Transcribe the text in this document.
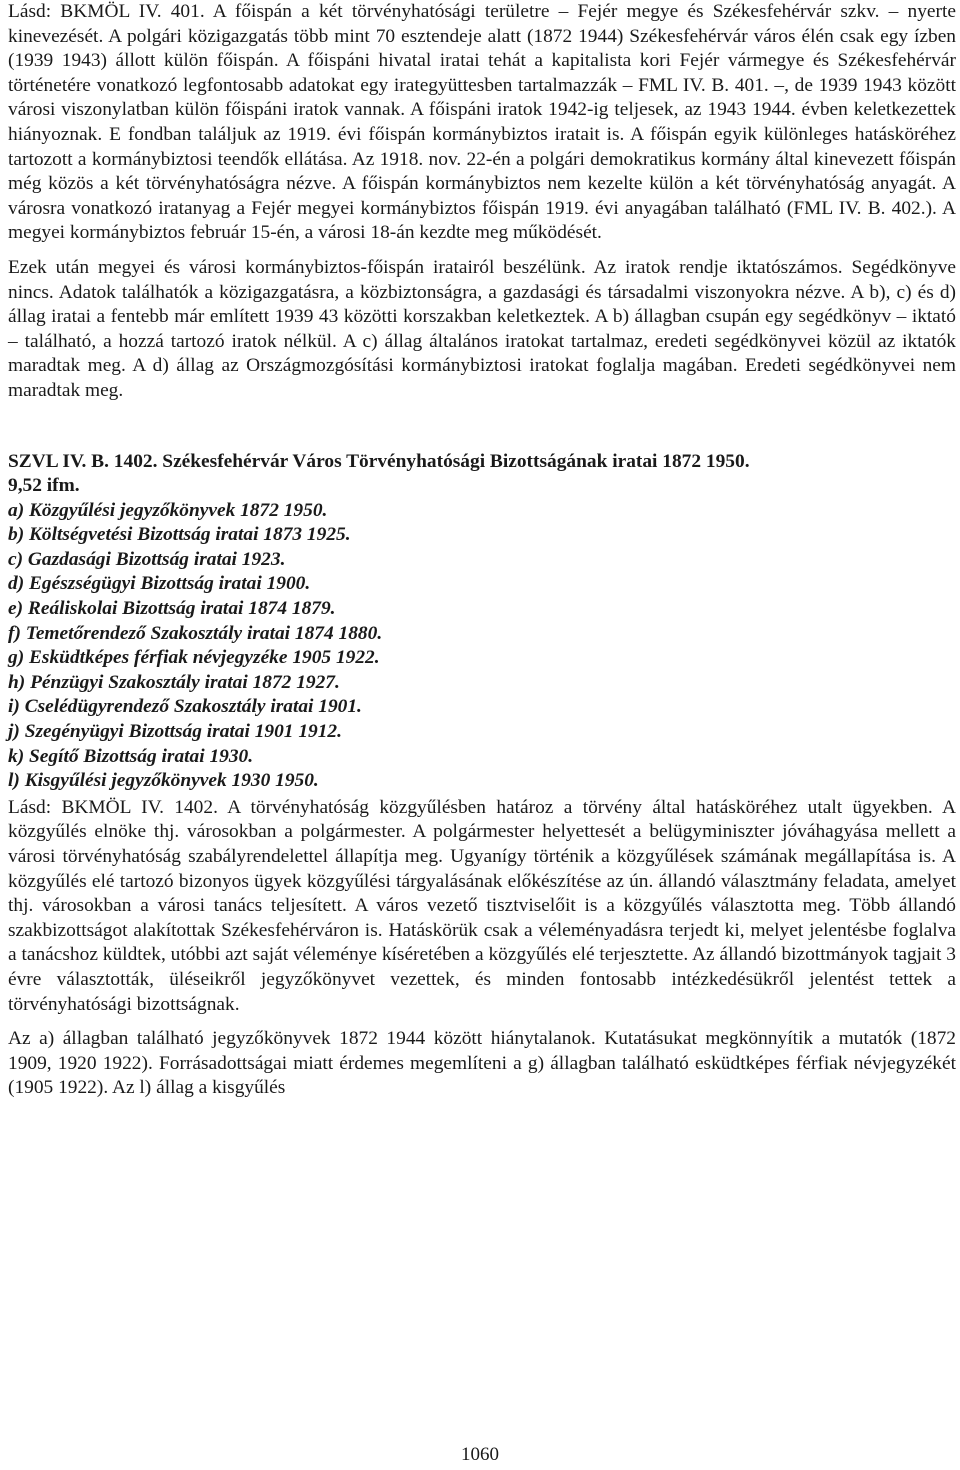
Lásd: BKMÖL IV. 401. A főispán a két törvényhatósági területre – Fejér megye és Székesfehérvár szkv. – nyerte kinevezését. A polgári közigazgatás több mint 70 esztendeje alatt (1872 1944) Székesfehérvár város élén csak egy ízben (1939 1943) állott külön főispán. A főispáni hivatal iratai tehát a kapitalista kori Fejér vármegye és Székesfehérvár történetére vonatkozó legfontosabb adatokat egy irategyüttesben tartalmazzák – FML IV. B. 401. –, de 1939 1943 között városi viszonylatban külön főispáni iratok vannak. A főispáni iratok 1942-ig teljesek, az 1943 1944. évben keletkezettek hiányoznak. E fondban találjuk az 1919. évi főispán kormánybiztos iratait is. A főispán egyik különleges hatásköréhez tartozott a kormánybiztosi teendők ellátása. Az 1918. nov. 22-én a polgári demokratikus kormány által kinevezett főispán még közös a két törvényhatóságra nézve. A főispán kormánybiztos nem kezelte külön a két törvényhatóság anyagát. A városra vonatkozó iratanyag a Fejér megyei kormánybiztos főispán 1919. évi anyagában található (FML IV. B. 402.). A megyei kormánybiztos február 15-én, a városi 18-án kezdte meg működését.

Ezek után megyei és városi kormánybiztos-főispán iratairól beszélünk. Az iratok rendje iktatószámos. Segédkönyve nincs. Adatok találhatók a közigazgatásra, a közbiztonságra, a gazdasági és társadalmi viszonyokra nézve. A b), c) és d) állag iratai a fentebb már említett 1939 43 közötti korszakban keletkeztek. A b) állagban csupán egy segédkönyv – iktató – található, a hozzá tartozó iratok nélkül. A c) állag általános iratokat tartalmaz, eredeti segédkönyvei közül az iktatók maradtak meg. A d) állag az Országmozgósítási kormánybiztosi iratokat foglalja magában. Eredeti segédkönyvei nem maradtak meg.

SZVL IV. B. 1402. Székesfehérvár Város Törvényhatósági Bizottságának iratai 1872 1950.
9,52 ifm.

a) Közgyűlési jegyzőkönyvek 1872 1950.
b) Költségvetési Bizottság iratai 1873 1925.
c) Gazdasági Bizottság iratai 1923.
d) Egészségügyi Bizottság iratai 1900.
e) Reáliskolai Bizottság iratai 1874 1879.
f) Temetőrendező Szakosztály iratai 1874 1880.
g) Esküdtképes férfiak névjegyzéke 1905 1922.
h) Pénzügyi Szakosztály iratai 1872 1927.
i) Cselédügyrendező Szakosztály iratai 1901.
j) Szegényügyi Bizottság iratai 1901 1912.
k) Segítő Bizottság iratai 1930.
l) Kisgyűlési jegyzőkönyvek 1930 1950.

Lásd: BKMÖL IV. 1402. A törvényhatóság közgyűlésben határoz a törvény által hatásköréhez utalt ügyekben. A közgyűlés elnöke thj. városokban a polgármester. A polgármester helyettesét a belügyminiszter jóváhagyása mellett a városi törvényhatóság szabályrendelettel állapítja meg. Ugyanígy történik a közgyűlések számának megállapítása is. A közgyűlés elé tartozó bizonyos ügyek közgyűlési tárgyalásának előkészítése az ún. állandó választmány feladata, amelyet thj. városokban a városi tanács teljesített. A város vezető tisztviselőit is a közgyűlés választotta meg. Több állandó szakbizottságot alakítottak Székesfehérváron is. Hatáskörük csak a véleményadásra terjedt ki, melyet jelentésbe foglalva a tanácshoz küldtek, utóbbi azt saját véleménye kíséretében a közgyűlés elé terjesztette. Az állandó bizottmányok tagjait 3 évre választották, üléseikről jegyzőkönyvet vezettek, és minden fontosabb intézkedésükről jelentést tettek a törvényhatósági bizottságnak.

Az a) állagban található jegyzőkönyvek 1872 1944 között hiánytalanok. Kutatásukat megkönnyítik a mutatók (1872 1909, 1920 1922). Forrásadottságai miatt érdemes megemlíteni a g) állagban található esküdtképes férfiak névjegyzékét (1905 1922). Az l) állag a kisgyűlés

1060
